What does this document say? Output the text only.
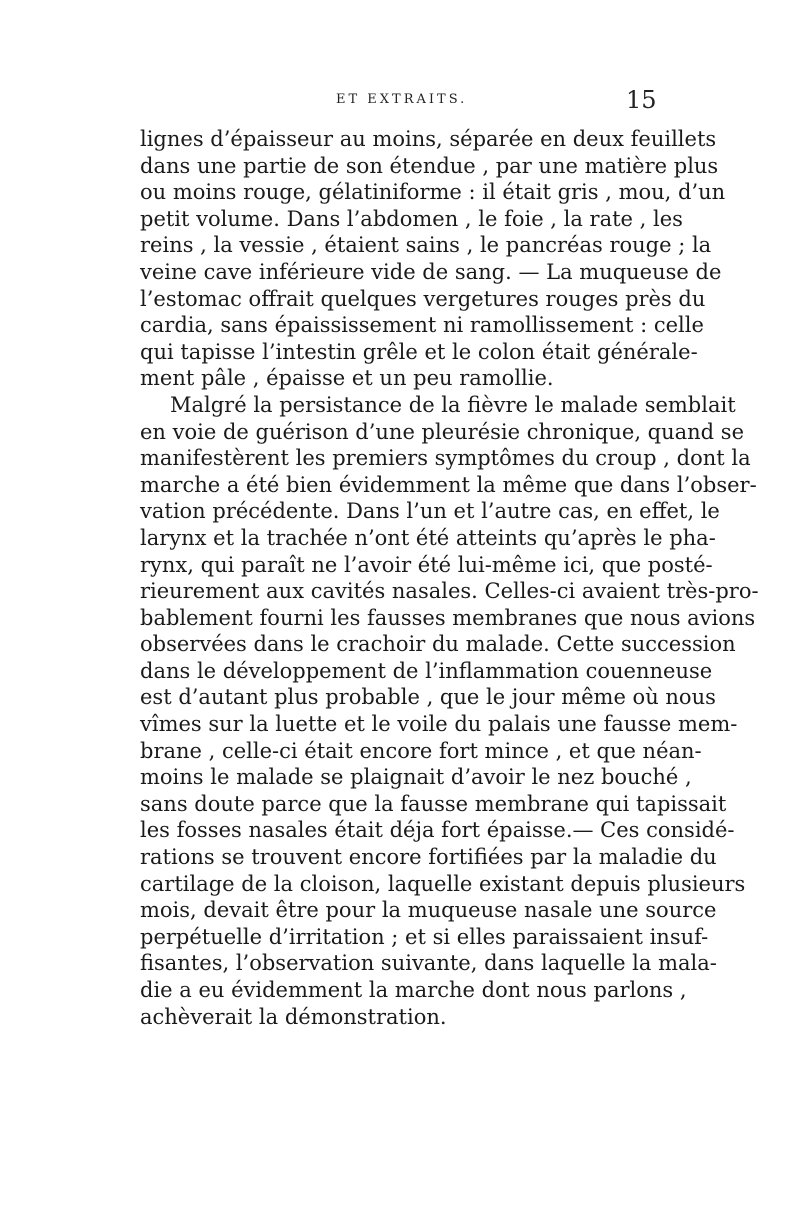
ET EXTRAITS.	15
lignes d’épaisseur au moins, séparée en deux feuillets
dans une partie de son étendue , par une matière plus
ou moins rouge, gélatiniforme : il était gris , mou, d’un
petit volume. Dans l’abdomen , le foie , la rate , les
reins , la vessie , étaient sains , le pancréas rouge ; la
veine cave inférieure vide de sang. — La muqueuse de
l’estomac offrait quelques vergetures rouges près du
cardia, sans épaississement ni ramollissement : celle
qui tapisse l’intestin grêle et le colon était générale-
ment pâle , épaisse et un peu ramollie.
Malgré la persistance de la fièvre le malade semblait
en voie de guérison d’une pleurésie chronique, quand se
manifestèrent les premiers symptômes du croup , dont la
marche a été bien évidemment la même que dans l’obser-
vation précédente. Dans l’un et l’autre cas, en effet, le
larynx et la trachée n’ont été atteints qu’après le pha-
rynx, qui paraît ne l’avoir été lui-même ici, que posté-
rieurement aux cavités nasales. Celles-ci avaient très-pro-
bablement fourni les fausses membranes que nous avions
observées dans le crachoir du malade. Cette succession
dans le développement de l’inflammation couenneuse
est d’autant plus probable , que le jour même où nous
vîmes sur la luette et le voile du palais une fausse mem-
brane , celle-ci était encore fort mince , et que néan-
moins le malade se plaignait d’avoir le nez bouché ,
sans doute parce que la fausse membrane qui tapissait
les fosses nasales était déja fort épaisse.— Ces considé-
rations se trouvent encore fortifiées par la maladie du
cartilage de la cloison, laquelle existant depuis plusieurs
mois, devait être pour la muqueuse nasale une source
perpétuelle d’irritation ; et si elles paraissaient insuf-
fisantes, l’observation suivante, dans laquelle la mala-
die a eu évidemment la marche dont nous parlons ,
achèverait la démonstration.
